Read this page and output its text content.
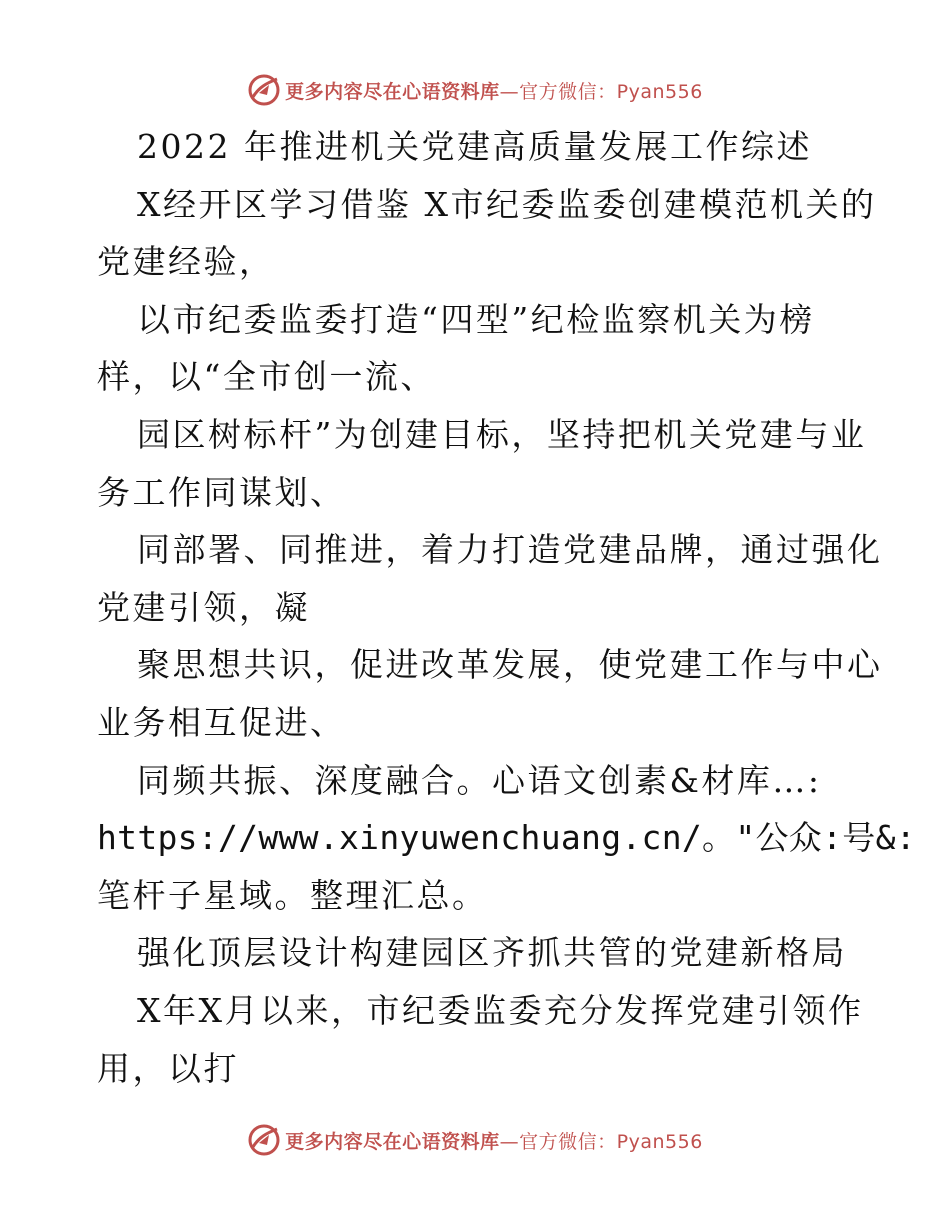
更多内容尽在心语资料库—官方微信：Pyan556
2022 年推进机关党建高质量发展工作综述
X经开区学习借鉴 X市纪委监委创建模范机关的
党建经验，
以市纪委监委打造“四型”纪检监察机关为榜
样，以“全市创一流、
园区树标杆”为创建目标，坚持把机关党建与业
务工作同谋划、
同部署、同推进，着力打造党建品牌，通过强化
党建引领，凝
聚思想共识，促进改革发展，使党建工作与中心
业务相互促进、
同频共振、深度融合。心语文创素&材库…:
https://www.xinyuwenchuang.cn/。"公众:号&:
笔杆子星域。整理汇总。
强化顶层设计构建园区齐抓共管的党建新格局
X年X月以来，市纪委监委充分发挥党建引领作
用，以打
更多内容尽在心语资料库—官方微信：Pyan556
